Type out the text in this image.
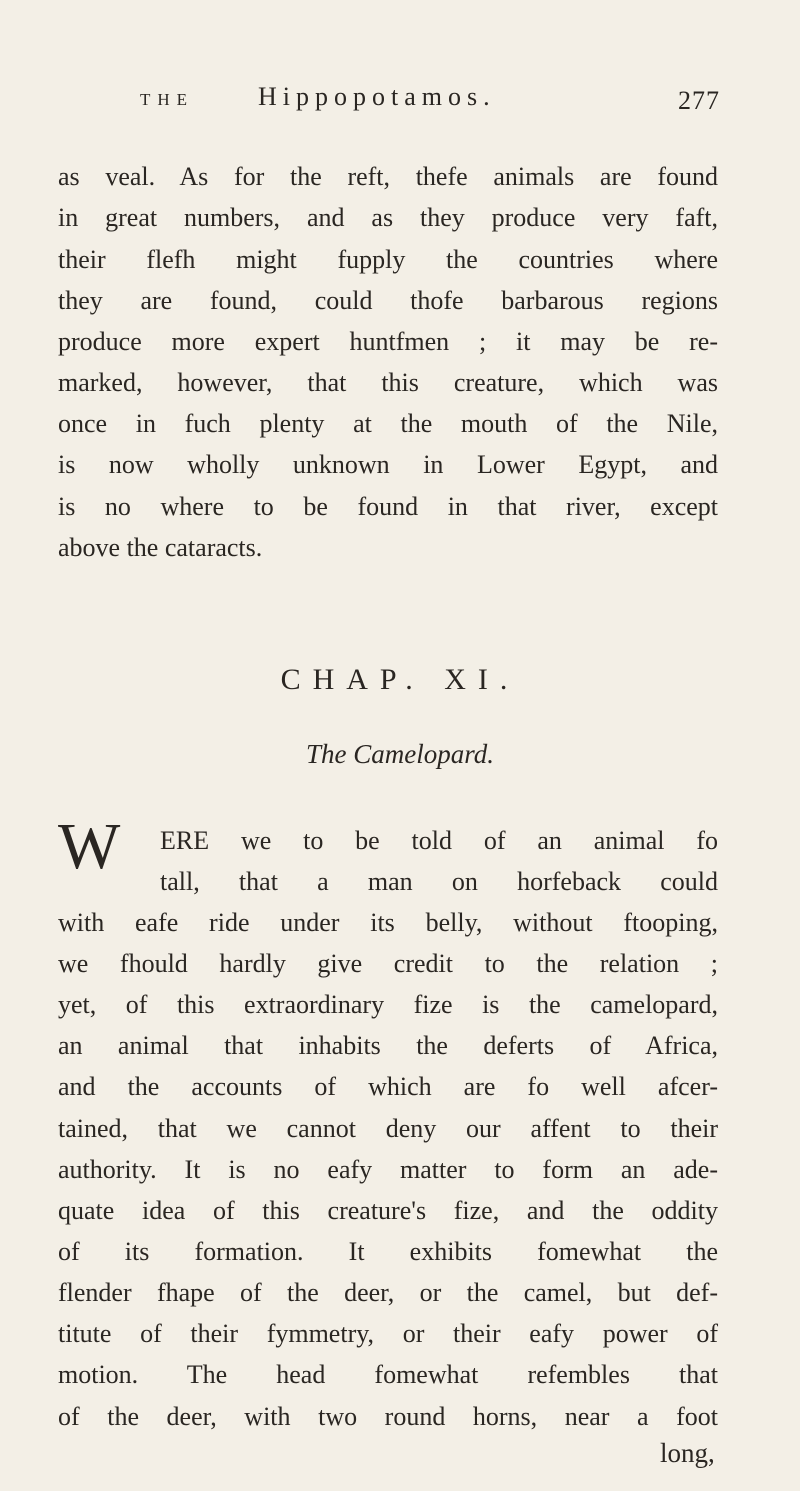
THE Hippopotamos.	277
as veal. As for the reft, thefe animals are found
in great numbers, and as they produce very faft,
their flefh might fupply the countries where
they are found, could thofe barbarous regions
produce more expert huntfmen ; it may be re-
marked, however, that this creature, which was
once in fuch plenty at the mouth of the Nile,
is now wholly unknown in Lower Egypt, and
is no where to be found in that river, except
above the cataracts.
CHAP. XI.
The Camelopard.
W ERE we to be told of an animal fo
tall, that a man on horfeback could
with eafe ride under its belly, without ftooping,
we fhould hardly give credit to the relation ;
yet, of this extraordinary fize is the camelopard,
an animal that inhabits the deferts of Africa,
and the accounts of which are fo well afcer-
tained, that we cannot deny our affent to their
authority. It is no eafy matter to form an ade-
quate idea of this creature's fize, and the oddity
of its formation. It exhibits fomewhat the
flender fhape of the deer, or the camel, but def-
titute of their fymmetry, or their eafy power of
motion. The head fomewhat refembles that
of the deer, with two round horns, near a foot
long,
